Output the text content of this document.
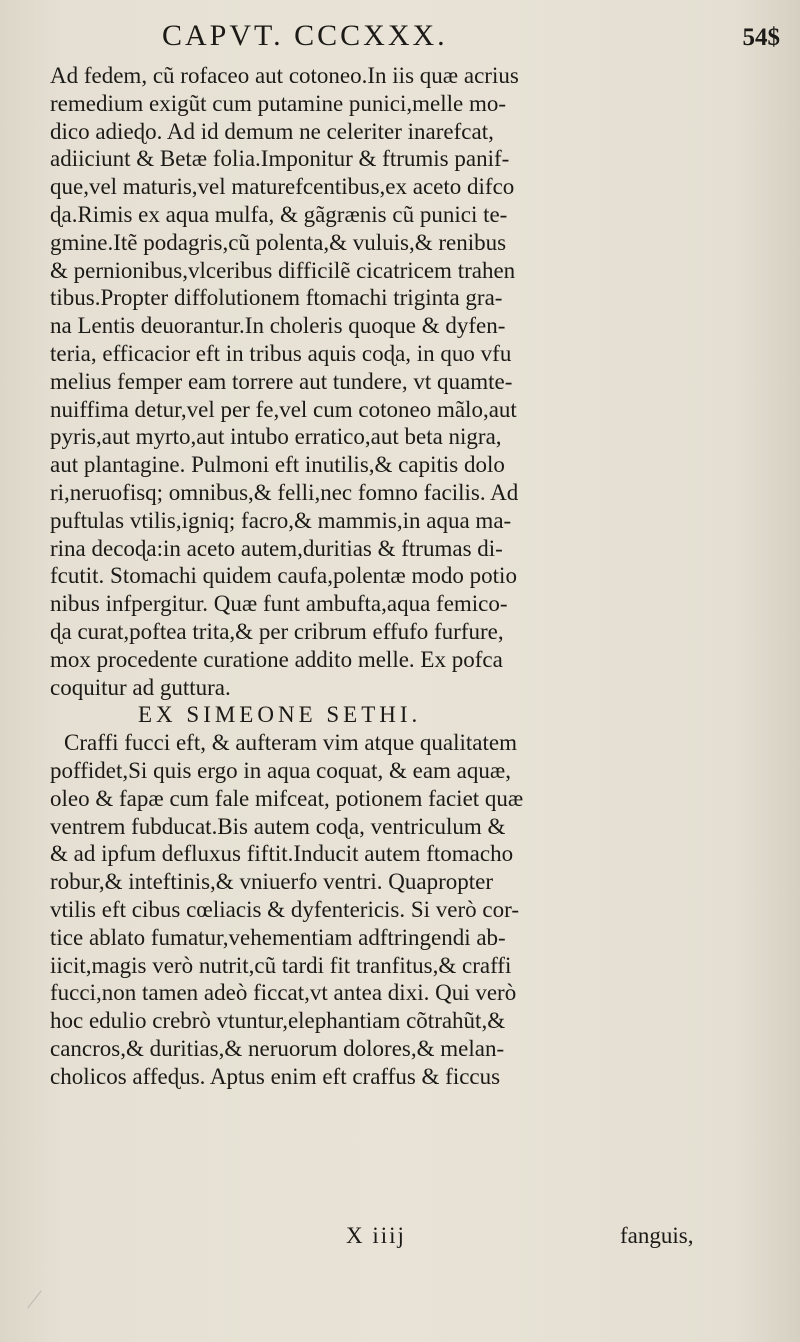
CAPVT. CCCXXX.	54$
Ad fedem, cũ rofaceo aut cotoneo.In iis quæ acrius
remedium exigũt cum putamine punici,melle mo-
dico adieɖo. Ad id demum ne celeriter inarefcat,
adiiciunt & Betæ folia.Imponitur & ftrumis panif-
que,vel maturis,vel maturefcentibus,ex aceto difco
ɖa.Rimis ex aqua mulfa, & gãgrænis cũ punici te-
gmine.Itẽ podagris,cũ polenta,& vuluis,& renibus
& pernionibus,vlceribus difficilẽ cicatricem trahen
tibus.Propter diffolutionem ftomachi triginta gra-
na Lentis deuorantur.In choleris quoque & dyfen-
teria, efficacior eft in tribus aquis coɖa, in quo vfu
melius femper eam torrere aut tundere, vt quamte-
nuiffima detur,vel per fe,vel cum cotoneo mãlo,aut
pyris,aut myrto,aut intubo erratico,aut beta nigra,
aut plantagine. Pulmoni eft inutilis,& capitis dolo
ri,neruofisq; omnibus,& felli,nec fomno facilis. Ad
puftulas vtilis,igniq; facro,& mammis,in aqua ma-
rina decoɖa:in aceto autem,duritias & ftrumas di-
fcutit. Stomachi quidem caufa,polentæ modo potio
nibus infpergitur. Quæ funt ambufta,aqua femico-
ɖa curat,poftea trita,& per cribrum effufo furfure,
mox procedente curatione addito melle. Ex pofca
coquitur ad guttura.
EX SIMEONE SETHI.
Craffi fucci eft, & aufteram vim atque qualitatem
poffidet,Si quis ergo in aqua coquat, & eam aquæ,
oleo & fapæ cum fale mifceat, potionem faciet quæ
ventrem fubducat.Bis autem coɖa, ventriculum &
& ad ipfum defluxus fiftit.Inducit autem ftomacho
robur,& inteftinis,& vniuerfo ventri. Quapropter
vtilis eft cibus cœliacis & dyfentericis. Si verò cor-
tice ablato fumatur,vehementiam adftringendi ab-
iicit,magis verò nutrit,cũ tardi fit tranfitus,& craffi
fucci,non tamen adeò ficcat,vt antea dixi. Qui verò
hoc edulio crebrò vtuntur,elephantiam cõtrahũt,&
cancros,& duritias,& neruorum dolores,& melan-
cholicos affeɖus. Aptus enim eft craffus & ficcus
X iiij	fanguis,
